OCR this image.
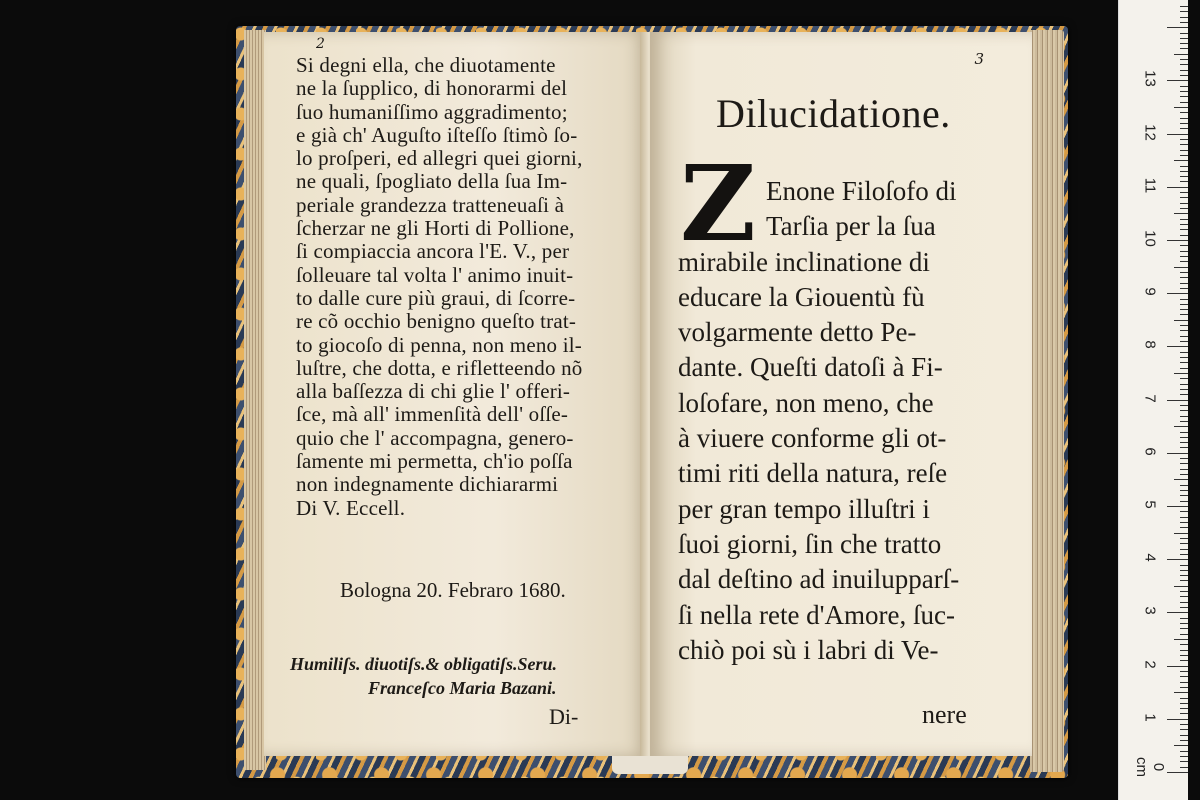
2
Si degni ella, che diuotamente
ne la ſupplico, di honorarmi del
ſuo humaniſſimo aggradimento;
e già ch' Auguſto iſteſſo ſtimò ſo-
lo proſperi, ed allegri quei giorni,
ne quali, ſpogliato della ſua Im-
periale grandezza tratteneuaſi à
ſcherzar ne gli Horti di Pollione,
ſi compiaccia ancora l'E. V., per
ſolleuare tal volta l' animo inuit-
to dalle cure più graui, di ſcorre-
re cõ occhio benigno queſto trat-
to giocoſo di penna, non meno il-
luſtre, che dotta, e rifletteendo nõ
alla baſſezza di chi glie l' offeri-
ſce, mà all' immenſità dell' oſſe-
quio che l' accompagna, genero-
ſamente mi permetta, ch'io poſſa
non indegnamente dichiararmi
Di V. Eccell.
Bologna 20. Febraro 1680.
Humiliſs. diuotiſs.& obligatiſs.Seru.
Franceſco Maria Bazani.
Di-
3
Dilucidatione.
Z Enone Filoſofo di
Tarſia per la ſua
mirabile inclinatione di
educare la Giouentù fù
volgarmente detto Pe-
dante. Queſti datoſi à Fi-
loſofare, non meno, che
à viuere conforme gli ot-
timi riti della natura, reſe
per gran tempo illuſtri i
ſuoi giorni, ſin che tratto
dal deſtino ad inuilupparſ-
ſi nella rete d'Amore, ſuc-
chiò poi sù i labri di Ve-
nere
0 cm
1
2
3
4
5
6
7
8
9
10
11
12
13
